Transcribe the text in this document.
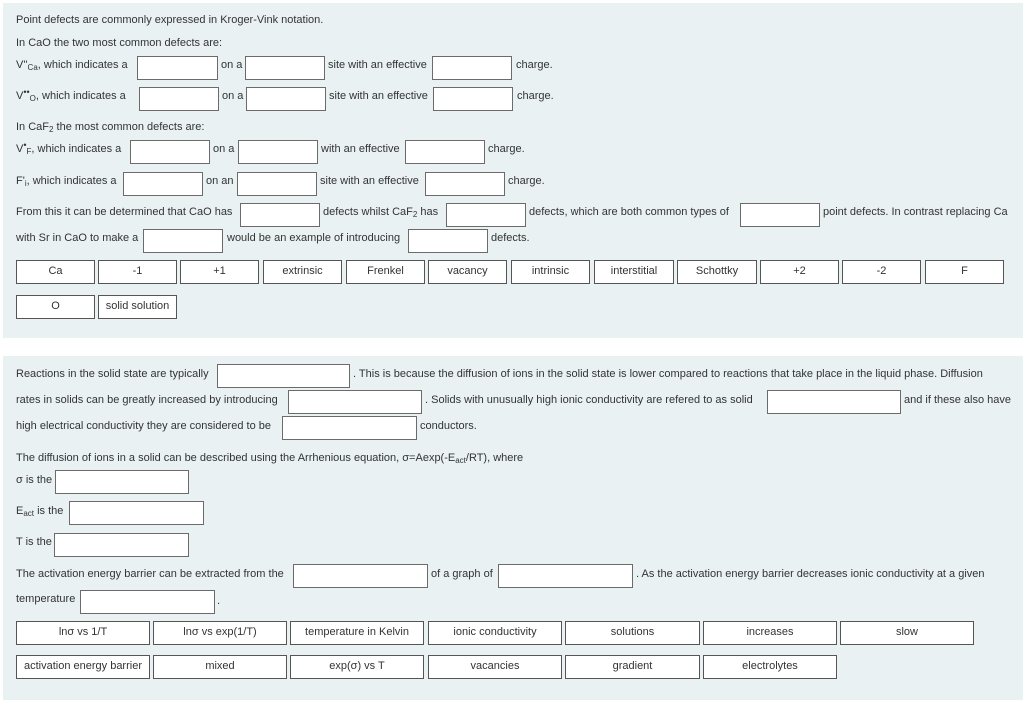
Point defects are commonly expressed in Kroger-Vink notation.
In CaO the two most common defects are:
$V''_{Ca}$, which indicates a	on a	site with an effective	charge.
$V^{••}_O$, which indicates a	on a	site with an effective	charge.
In CaF$_2$ the most common defects are:
$V^•_F$, which indicates a	on a	with an effective	charge.
$F'_i$, which indicates a	on an	site with an effective	charge.
From this it can be determined that CaO has	defects whilst CaF$_2$ has	defects, which are both common types of	point defects. In contrast replacing Ca
with Sr in CaO to make a	would be an example of introducing	defects.
Ca	-1	+1	extrinsic	Frenkel	vacancy	intrinsic	interstitial	Schottky	+2	-2	F
O	solid solution
Reactions in the solid state are typically	. This is because the diffusion of ions in the solid state is lower compared to reactions that take place in the liquid phase. Diffusion
rates in solids can be greatly increased by introducing	. Solids with unusually high ionic conductivity are refered to as solid	and if these also have
high electrical conductivity they are considered to be	conductors.
The diffusion of ions in a solid can be described using the Arrhenious equation, $\sigma=Aexp(-E_{act}/RT)$, where
σ is the
$E_{act}$ is the
T is the
The activation energy barrier can be extracted from the	of a graph of	. As the activation energy barrier decreases ionic conductivity at a given
temperature	.
lnσ vs 1/T	lnσ vs exp(1/T)	temperature in Kelvin	ionic conductivity	solutions	increases	slow
activation energy barrier	mixed	exp(σ) vs T	vacancies	gradient	electrolytes
